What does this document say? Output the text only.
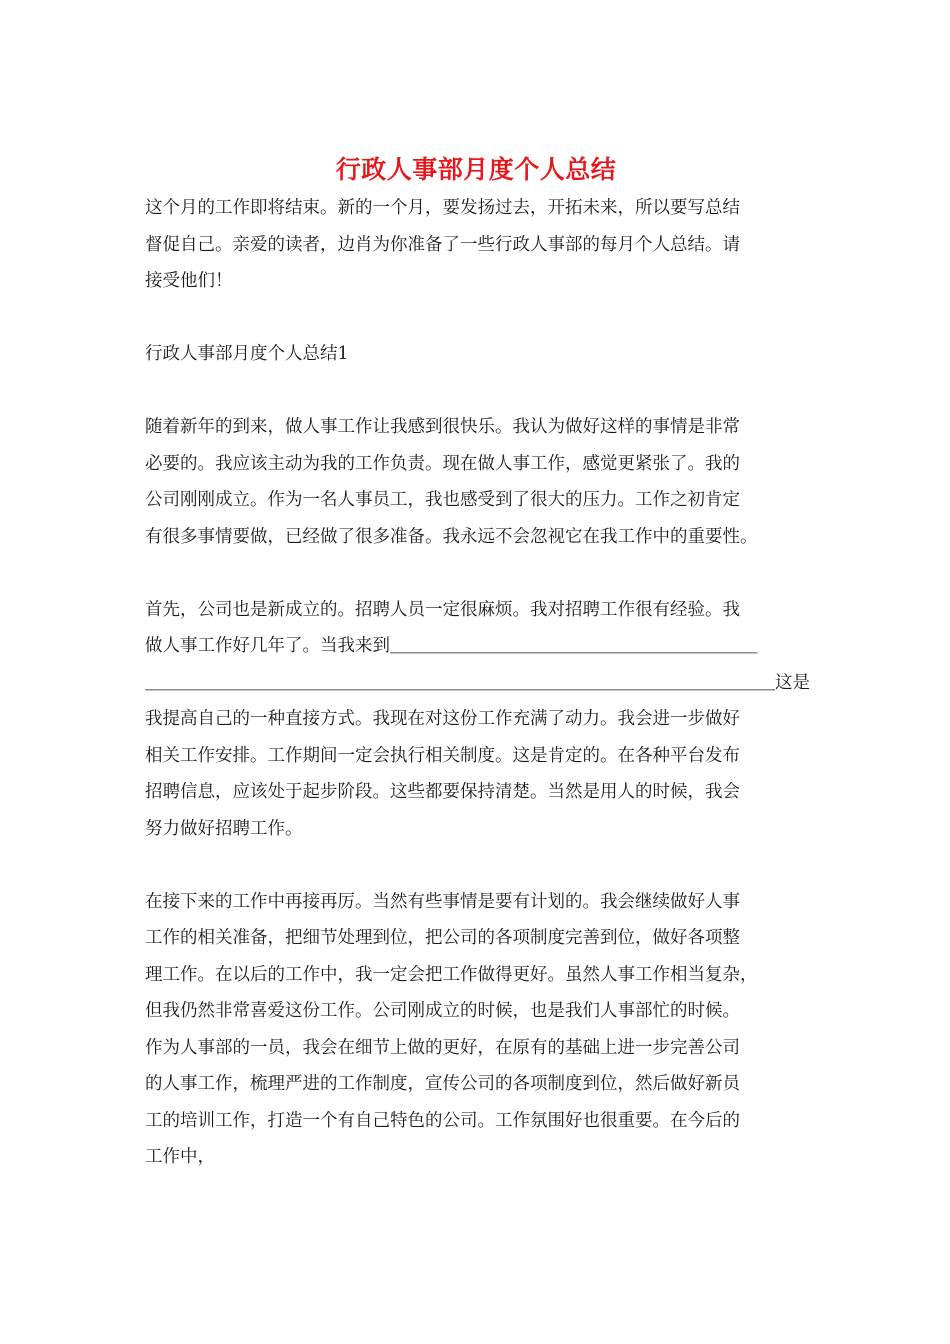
行政人事部月度个人总结

这个月的工作即将结束。新的一个月，要发扬过去，开拓未来，所以要写总结
督促自己。亲爱的读者，边肖为你准备了一些行政人事部的每月个人总结。请
接受他们！

行政人事部月度个人总结1

随着新年的到来，做人事工作让我感到很快乐。我认为做好这样的事情是非常
必要的。我应该主动为我的工作负责。现在做人事工作，感觉更紧张了。我的
公司刚刚成立。作为一名人事员工，我也感受到了很大的压力。工作之初肯定
有很多事情要做，已经做了很多准备。我永远不会忽视它在我工作中的重要性。

首先，公司也是新成立的。招聘人员一定很麻烦。我对招聘工作很有经验。我
做人事工作好几年了。当我来到＿＿＿＿＿＿＿＿＿＿＿＿＿＿＿＿＿＿＿＿＿
＿＿＿＿＿＿＿＿＿＿＿＿＿＿＿＿＿＿＿＿＿＿＿＿＿＿＿＿＿＿＿＿＿＿＿＿这是
我提高自己的一种直接方式。我现在对这份工作充满了动力。我会进一步做好
相关工作安排。工作期间一定会执行相关制度。这是肯定的。在各种平台发布
招聘信息，应该处于起步阶段。这些都要保持清楚。当然是用人的时候，我会
努力做好招聘工作。

在接下来的工作中再接再厉。当然有些事情是要有计划的。我会继续做好人事
工作的相关准备，把细节处理到位，把公司的各项制度完善到位，做好各项整
理工作。在以后的工作中，我一定会把工作做得更好。虽然人事工作相当复杂，
但我仍然非常喜爱这份工作。公司刚成立的时候，也是我们人事部忙的时候。
作为人事部的一员，我会在细节上做的更好，在原有的基础上进一步完善公司
的人事工作，梳理严进的工作制度，宣传公司的各项制度到位，然后做好新员
工的培训工作，打造一个有自己特色的公司。工作氛围好也很重要。在今后的
工作中，
